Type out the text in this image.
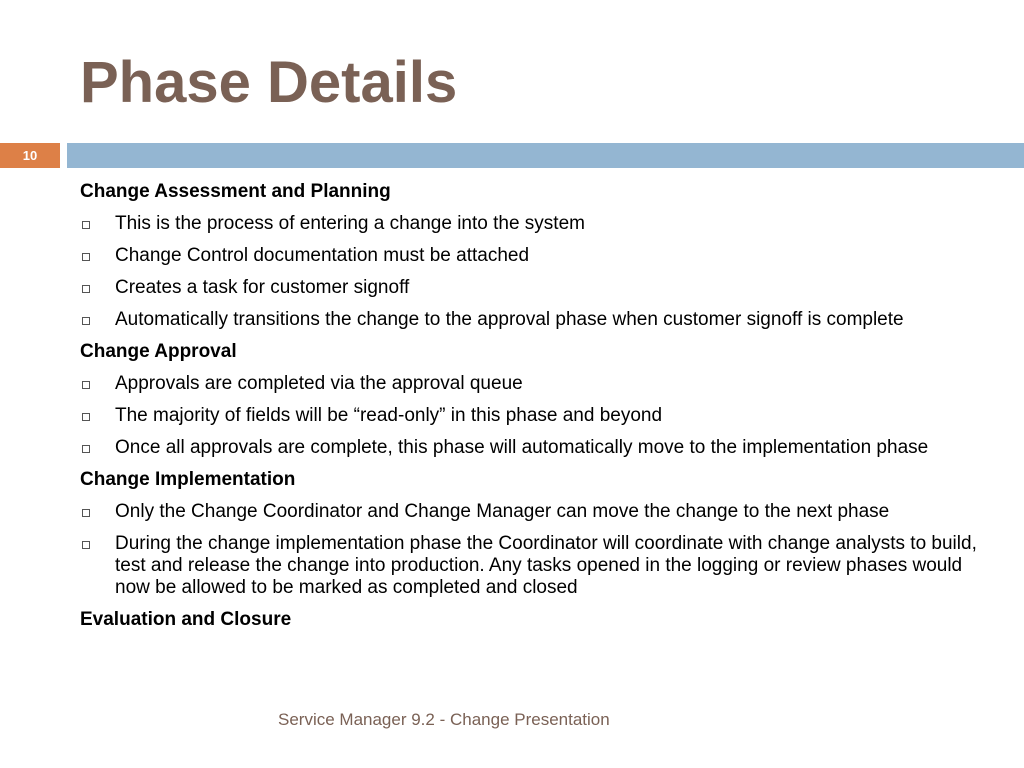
Phase Details
10
Change Assessment and Planning
This is the process of entering a change into the system
Change Control documentation must be attached
Creates a task for customer signoff
Automatically transitions the change to the approval phase when customer signoff is complete
Change Approval
Approvals are completed via the approval queue
The majority of fields will be “read-only” in this phase and beyond
Once all approvals are complete, this phase will automatically move to the implementation phase
Change Implementation
Only the Change Coordinator and Change Manager can move the change to the next phase
During the change implementation phase the Coordinator will coordinate with change analysts to build, test and release the change into production. Any tasks opened in the logging or review phases would now be allowed to be marked as completed and closed
Evaluation and Closure
Service Manager 9.2 - Change Presentation
